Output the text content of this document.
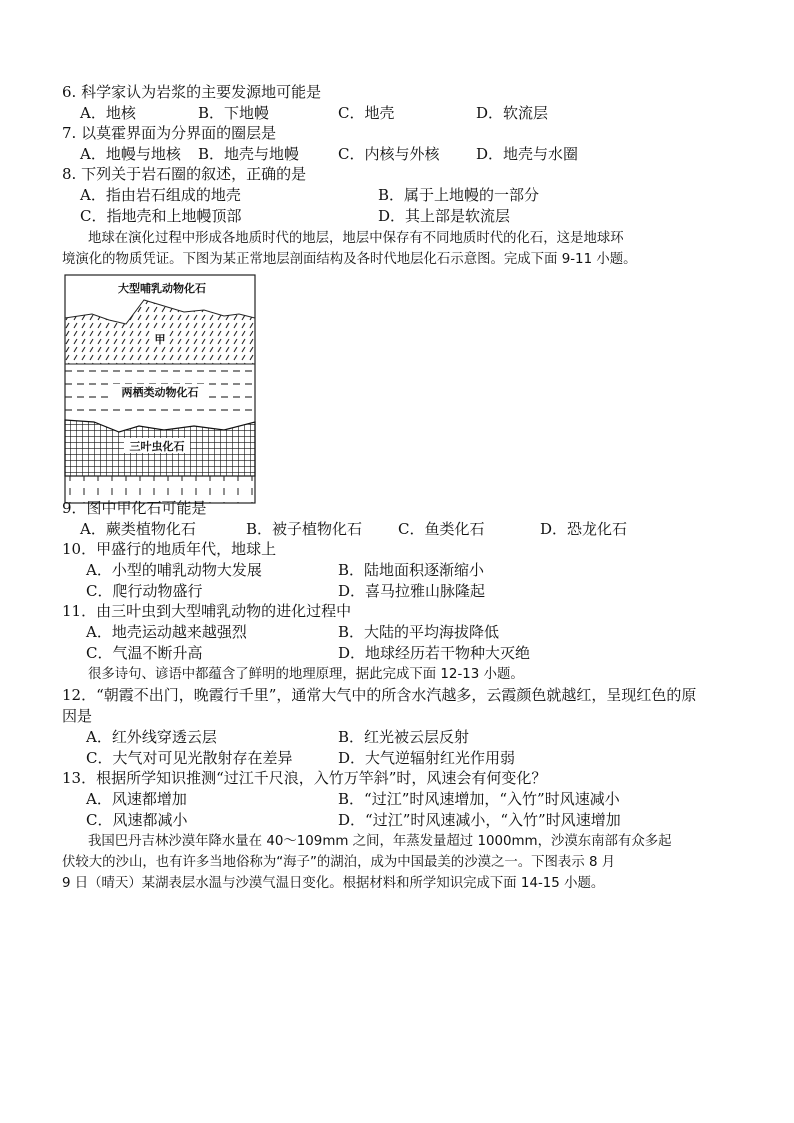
6. 科学家认为岩浆的主要发源地可能是
A．地核	B．下地幔	C．地壳	D．软流层
7. 以莫霍界面为分界面的圈层是
A．地幔与地核 B．地壳与地幔	C．内核与外核 D．地壳与水圈
8. 下列关于岩石圈的叙述，正确的是
A．指由岩石组成的地壳	B．属于上地幔的一部分
C．指地壳和上地幔顶部	D．其上部是软流层
地球在演化过程中形成各地质时代的地层，地层中保存有不同地质时代的化石，这是地球环
境演化的物质凭证。下图为某正常地层剖面结构及各时代地层化石示意图。完成下面 9-11 小题。
大型哺乳动物化石
甲
两栖类动物化石
三叶虫化石
9．图中甲化石可能是
A．蕨类植物化石	B．被子植物化石 C．鱼类化石	D．恐龙化石
10．甲盛行的地质年代，地球上
A．小型的哺乳动物大发展	B．陆地面积逐渐缩小
C．爬行动物盛行	D．喜马拉雅山脉隆起
11．由三叶虫到大型哺乳动物的进化过程中
A．地壳运动越来越强烈	B．大陆的平均海拔降低
C．气温不断升高	D．地球经历若干物种大灭绝
很多诗句、谚语中都蕴含了鲜明的地理原理，据此完成下面 12-13 小题。
12．“朝霞不出门，晚霞行千里”，通常大气中的所含水汽越多，云霞颜色就越红，呈现红色的原
因是
A．红外线穿透云层	B．红光被云层反射
C．大气对可见光散射存在差异	D．大气逆辐射红光作用弱
13．根据所学知识推测“过江千尺浪，入竹万竿斜”时，风速会有何变化？
A．风速都增加	B．“过江”时风速增加，“入竹”时风速减小
C．风速都减小	D．“过江”时风速减小，“入竹”时风速增加
我国巴丹吉林沙漠年降水量在 40～109mm 之间，年蒸发量超过 1000mm，沙漠东南部有众多起
伏较大的沙山，也有许多当地俗称为“海子”的湖泊，成为中国最美的沙漠之一。下图表示 8 月
9 日（晴天）某湖表层水温与沙漠气温日变化。根据材料和所学知识完成下面 14-15 小题。
